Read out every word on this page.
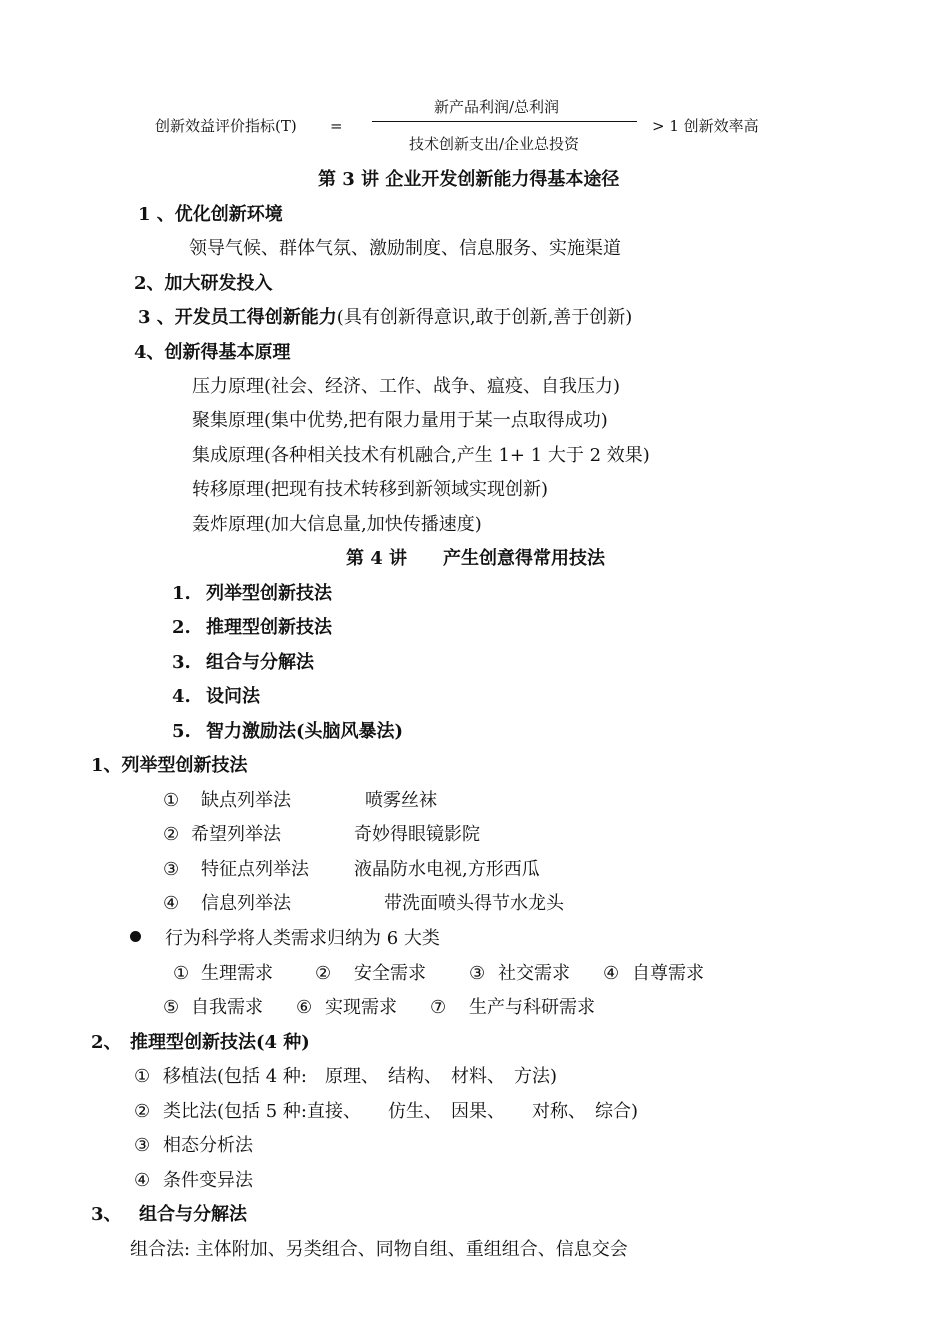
创新效益评价指标(T) =
新产品利润/总利润
技术创新支出/企业总投资
> 1 创新效率高
第 3 讲 企业开发创新能力得基本途径
1 、优化创新环境
领导气候、群体气氛、激励制度、信息服务、实施渠道
2、加大研发投入
3 、开发员工得创新能力(具有创新得意识,敢于创新,善于创新)
4、创新得基本原理
压力原理(社会、经济、工作、战争、瘟疫、自我压力)
聚集原理(集中优势,把有限力量用于某一点取得成功)
集成原理(各种相关技术有机融合,产生 1+ 1 大于 2 效果)
转移原理(把现有技术转移到新领域实现创新)
轰炸原理(加大信息量,加快传播速度)
第 4 讲　　产生创意得常用技法
1. 列举型创新技法
2. 推理型创新技法
3. 组合与分解法
4. 设问法
5. 智力激励法(头脑风暴法)
1、列举型创新技法
① 缺点列举法	喷雾丝袜
② 希望列举法	奇妙得眼镜影院
③ 特征点列举法	液晶防水电视,方形西瓜
④ 信息列举法	带洗面喷头得节水龙头
行为科学将人类需求归纳为 6 大类
① 生理需求 ② 安全需求 ③ 社交需求 ④ 自尊需求
⑤ 自我需求 ⑥ 实现需求 ⑦ 生产与科研需求
2、 推理型创新技法(4 种)
① 移植法(包括 4 种:　原理、　结构、　材料、　方法)
② 类比法(包括 5 种:直接、　　仿生、　因果、　　对称、　综合)
③ 相态分析法
④ 条件变异法
3、 组合与分解法
组合法: 主体附加、另类组合、同物自组、重组组合、信息交会
